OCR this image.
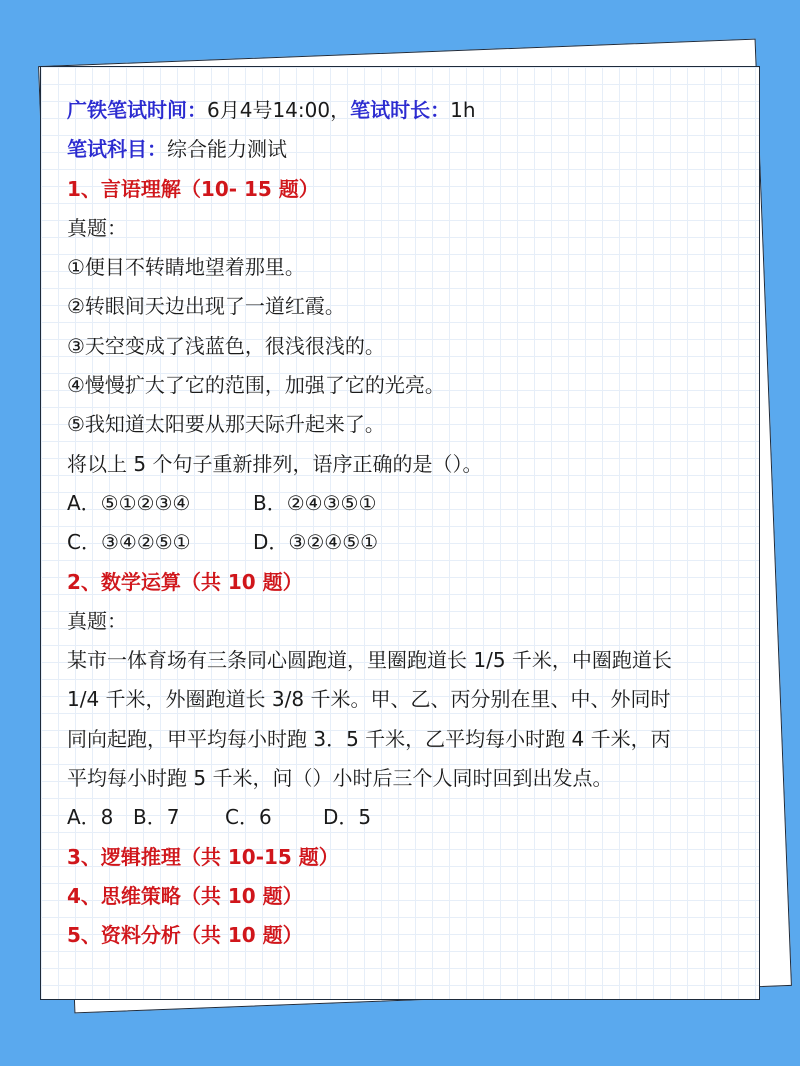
广铁笔试时间：6月4号14:00，笔试时长：1h
笔试科目：综合能力测试
1、言语理解（10- 15 题）
真题：
①便目不转睛地望着那里。
②转眼间天边出现了一道红霞。
③天空变成了浅蓝色，很浅很浅的。
④慢慢扩大了它的范围，加强了它的光亮。
⑤我知道太阳要从那天际升起来了。
将以上 5 个句子重新排列，语序正确的是（）。
A．⑤①②③④	B．②④③⑤①
C．③④②⑤①	D．③②④⑤①
2、数学运算（共 10 题）
真题：
某市一体育场有三条同心圆跑道，里圈跑道长 1/5 千米，中圈跑道长
1/4 千米，外圈跑道长 3/8 千米。甲、乙、丙分别在里、中、外同时
同向起跑，甲平均每小时跑 3．5 千米，乙平均每小时跑 4 千米，丙
平均每小时跑 5 千米，问（）小时后三个人同时回到出发点。
A．8 B．7 C．6	D．5
3、逻辑推理（共 10-15 题）
4、思维策略（共 10 题）
5、资料分析（共 10 题）
